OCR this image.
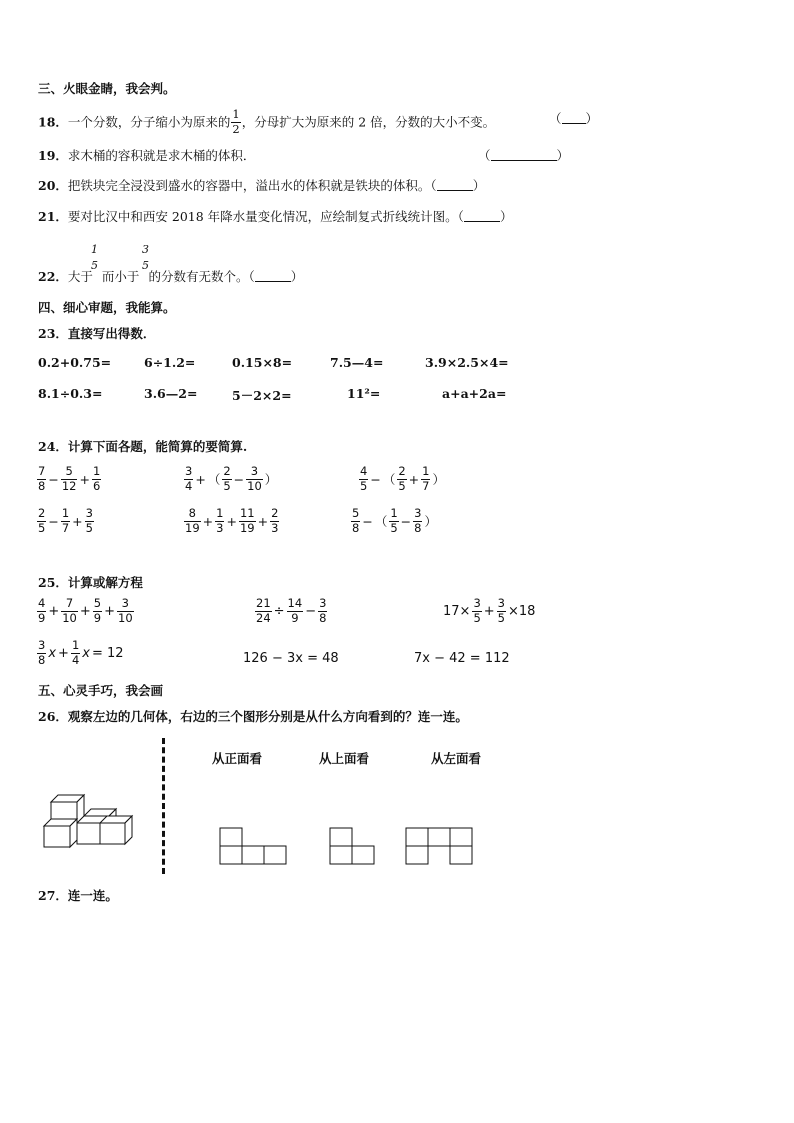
三、火眼金睛，我会判。
18．一个分数，分子缩小为原来的 $\frac{1}{2}$ ，分母扩大为原来的 2 倍，分数的大小不变。	（ ）
19．求木桶的容积就是求木桶的体积．	（	）
20．把铁块完全浸没到盛水的容器中，溢出水的体积就是铁块的体积。（	）
21．要对比汉中和西安 2018 年降水量变化情况，应绘制复式折线统计图。（	）
1
5
3
5
22．大于 而小于 的分数有无数个。（	）
四、细心审题，我能算。
23．直接写出得数．
0.2+0.75=	6÷1.2=	0.15×8=	7.5—4=	3.9×2.5×4=
8.1÷0.3=	3.6—2=	5－2×2=	11²=	a+a+2a=
24．计算下面各题，能简算的要简算.
$\frac{7}{8} - \frac{5}{12} + \frac{1}{6}$	$\frac{3}{4}$ + （ $\frac{2}{5} - \frac{3}{10}$ ）	$\frac{4}{5}$ − （ $\frac{2}{5} + \frac{1}{7}$ ）
$\frac{2}{5} - \frac{1}{7} + \frac{3}{5}$	$\frac{8}{19} + \frac{1}{3} + \frac{11}{19} + \frac{2}{3}$	$\frac{5}{8}$ − （ $\frac{1}{5} - \frac{3}{8}$ ）
25．计算或解方程
$\frac{4}{9} + \frac{7}{10} + \frac{5}{9} + \frac{3}{10}$	$\frac{21}{24} \div \frac{14}{9} - \frac{3}{8}$	$17\times \frac{3}{5} + \frac{3}{5} \times 18$
$\frac{3}{8}$ $x + \frac{1}{4}$ x = 12	126 − 3x = 48	7x − 42 = 112
五、心灵手巧，我会画
26．观察左边的几何体，右边的三个图形分别是从什么方向看到的？连一连。
从正面看	从上面看	从左面看
27．连一连。
